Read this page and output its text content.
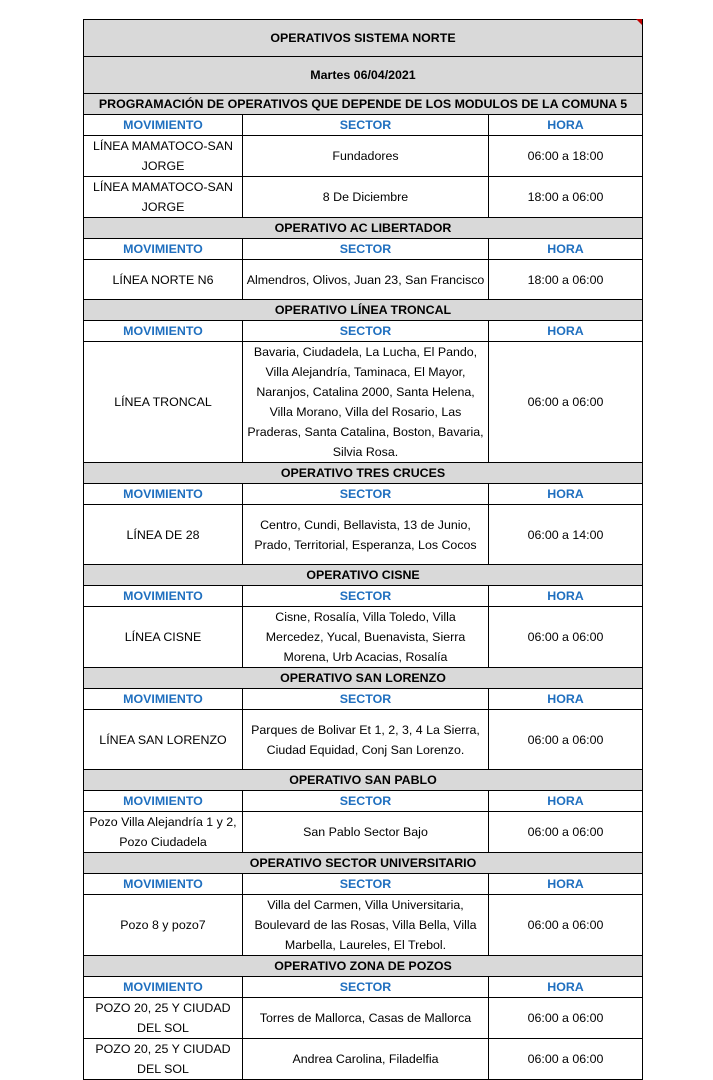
OPERATIVOS SISTEMA NORTE		
Martes 06/04/2021		
PROGRAMACIÓN DE OPERATIVOS QUE DEPENDE DE LOS MODULOS DE LA COMUNA 5		
MOVIMIENTO	SECTOR	HORA
LÍNEA MAMATOCO-SAN JORGE	Fundadores	06:00 a 18:00
LÍNEA MAMATOCO-SAN JORGE	8 De Diciembre	18:00 a 06:00
OPERATIVO AC LIBERTADOR		
MOVIMIENTO	SECTOR	HORA
LÍNEA NORTE N6	Almendros, Olivos, Juan 23, San Francisco	18:00 a 06:00
OPERATIVO LÍNEA TRONCAL		
MOVIMIENTO	SECTOR	HORA
LÍNEA TRONCAL	Bavaria, Ciudadela, La Lucha, El Pando, Villa Alejandría, Taminaca, El Mayor, Naranjos, Catalina 2000, Santa Helena, Villa Morano, Villa del Rosario, Las Praderas, Santa Catalina, Boston, Bavaria, Silvia Rosa.	06:00 a 06:00
OPERATIVO TRES CRUCES		
MOVIMIENTO	SECTOR	HORA
LÍNEA DE 28	Centro, Cundi, Bellavista, 13 de Junio, Prado, Territorial, Esperanza, Los Cocos	06:00 a 14:00
OPERATIVO CISNE		
MOVIMIENTO	SECTOR	HORA
LÍNEA CISNE	Cisne, Rosalía, Villa Toledo, Villa Mercedez, Yucal, Buenavista, Sierra Morena, Urb Acacias, Rosalía	06:00 a 06:00
OPERATIVO SAN LORENZO		
MOVIMIENTO	SECTOR	HORA
LÍNEA SAN LORENZO	Parques de Bolivar Et 1, 2, 3, 4 La Sierra, Ciudad Equidad, Conj San Lorenzo.	06:00 a 06:00
OPERATIVO SAN PABLO		
MOVIMIENTO	SECTOR	HORA
Pozo Villa Alejandría 1 y 2, Pozo Ciudadela	San Pablo Sector Bajo	06:00 a 06:00
OPERATIVO SECTOR UNIVERSITARIO		
MOVIMIENTO	SECTOR	HORA
Pozo 8 y pozo7	Villa del Carmen, Villa Universitaria, Boulevard de las Rosas, Villa Bella, Villa Marbella, Laureles, El Trebol.	06:00 a 06:00
OPERATIVO ZONA DE POZOS		
MOVIMIENTO	SECTOR	HORA
POZO 20, 25 Y CIUDAD DEL SOL	Torres de Mallorca, Casas de Mallorca	06:00 a 06:00
POZO 20, 25 Y CIUDAD DEL SOL	Andrea Carolina, Filadelfia	06:00 a 06:00
